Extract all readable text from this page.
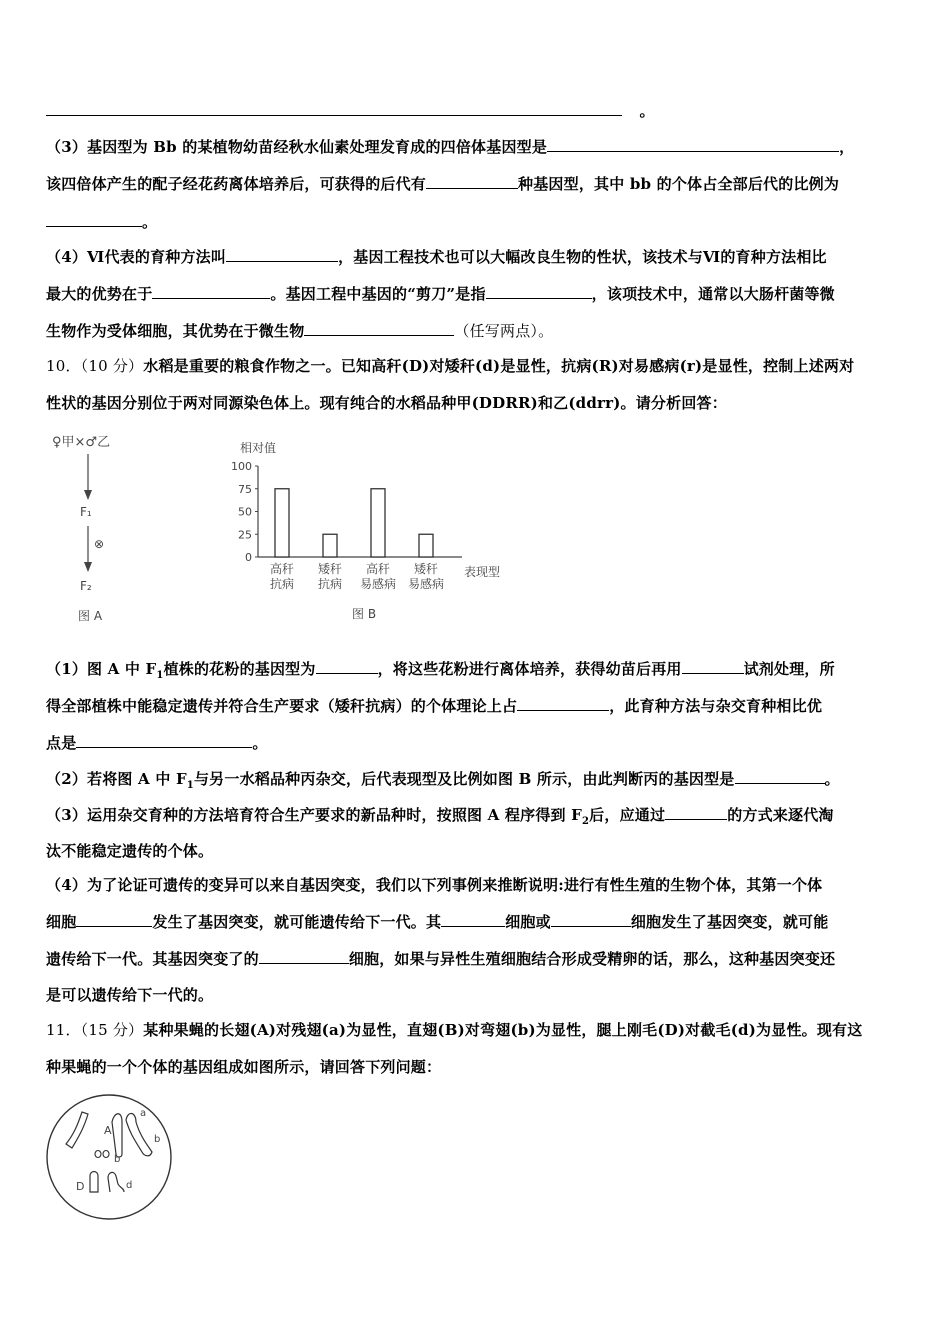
。
（3）基因型为 Bb 的某植物幼苗经秋水仙素处理发育成的四倍体基因型是	，
该四倍体产生的配子经花药离体培养后，可获得的后代有	种基因型，其中 bb 的个体占全部后代的比例为
。
（4）Ⅵ代表的育种方法叫	，基因工程技术也可以大幅改良生物的性状，该技术与Ⅵ的育种方法相比
最大的优势在于	。基因工程中基因的“剪刀”是指	，该项技术中，通常以大肠杆菌等微
生物作为受体细胞，其优势在于微生物	（任写两点）。
10．（10 分）水稻是重要的粮食作物之一。已知高秆(D)对矮秆(d)是显性，抗病(R)对易感病(r)是显性，控制上述两对
性状的基因分别位于两对同源染色体上。现有纯合的水稻品种甲(DDRR)和乙(ddrr)。请分析回答：
♀甲×♂乙
F₁
⊗
F₂
图 A
相对值
0
25
50
75
100
高秆
抗病
矮秆
抗病
高秆
易感病
矮秆
易感病
表现型
图 B
（1）图 A 中 $F_1$植株的花粉的基因型为	，将这些花粉进行离体培养，获得幼苗后再用	试剂处理，所
得全部植株中能稳定遗传并符合生产要求（矮秆抗病）的个体理论上占	，此育种方法与杂交育种相比优
点是	。
（2）若将图 A 中 $F_1$与另一水稻品种丙杂交，后代表现型及比例如图 B 所示，由此判断丙的基因型是	。
（3）运用杂交育种的方法培育符合生产要求的新品种时，按照图 A 程序得到 $F_2$后，应通过	的方式来逐代淘
汰不能稳定遗传的个体。
（4）为了论证可遗传的变异可以来自基因突变，我们以下列事例来推断说明:进行有性生殖的生物个体，其第一个体
细胞	发生了基因突变，就可能遗传给下一代。其	细胞或	细胞发生了基因突变，就可能
遗传给下一代。其基因突变了的	细胞，如果与异性生殖细胞结合形成受精卵的话，那么，这种基因突变还
是可以遗传给下一代的。
11．（15 分）某种果蝇的长翅(A)对残翅(a)为显性，直翅(B)对弯翅(b)为显性，腿上刚毛(D)对截毛(d)为显性。现有这
种果蝇的一个个体的基因组成如图所示，请回答下列问题：
A
a
b
b
D	d
